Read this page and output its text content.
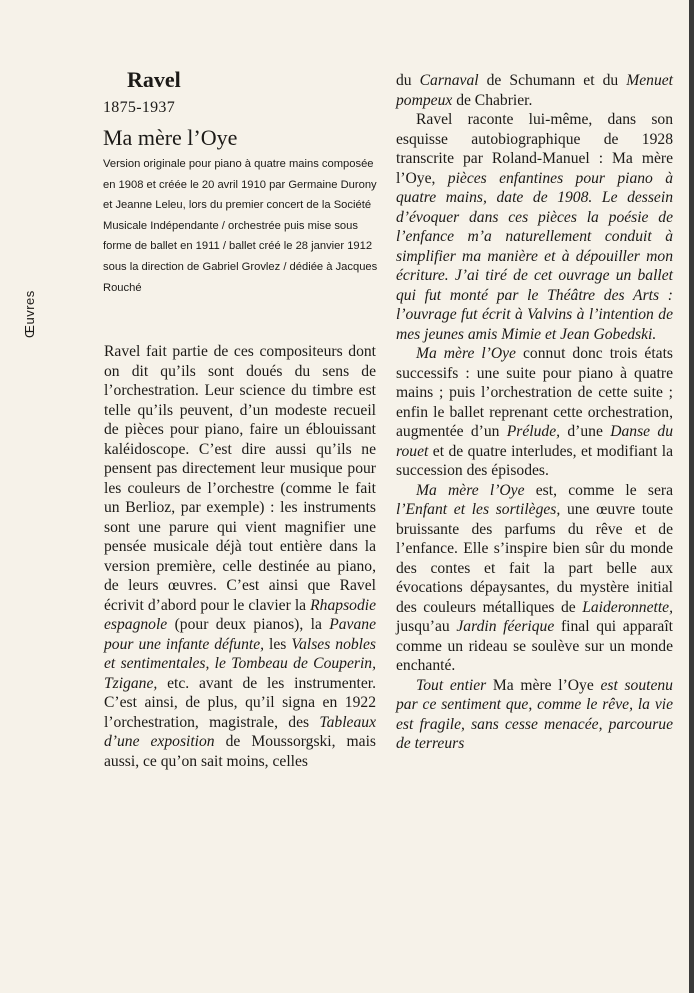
Œuvres
Ravel
1875-1937
Ma mère l’Oye
Version originale pour piano à quatre mains composée en 1908 et créée le 20 avril 1910 par Germaine Durony et Jeanne Leleu, lors du premier concert de la Société Musicale Indépendante / orchestrée puis mise sous forme de ballet en 1911 / ballet créé le 28 janvier 1912 sous la direction de Gabriel Grovlez / dédiée à Jacques Rouché

Ravel fait partie de ces compositeurs dont on dit qu’ils sont doués du sens de l’orchestration. Leur science du timbre est telle qu’ils peuvent, d’un modeste recueil de pièces pour piano, faire un éblouissant kaléidoscope. C’est dire aussi qu’ils ne pensent pas directement leur musique pour les couleurs de l’orchestre (comme le fait un Berlioz, par exemple) : les instruments sont une parure qui vient magnifier une pensée musicale déjà tout entière dans la version première, celle destinée au piano, de leurs œuvres. C’est ainsi que Ravel écrivit d’abord pour le clavier la Rhapsodie espagnole (pour deux pianos), la Pavane pour une infante défunte, les Valses nobles et sentimentales, le Tombeau de Couperin, Tzigane, etc. avant de les instrumenter. C’est ainsi, de plus, qu’il signa en 1922 l’orchestration, magistrale, des Tableaux d’une exposition de Moussorgski, mais aussi, ce qu’on sait moins, celles

du Carnaval de Schumann et du Menuet pompeux de Chabrier.

Ravel raconte lui-même, dans son esquisse autobiographique de 1928 transcrite par Roland-Manuel : Ma mère l’Oye, pièces enfantines pour piano à quatre mains, date de 1908. Le dessein d’évoquer dans ces pièces la poésie de l’enfance m’a naturellement conduit à simplifier ma manière et à dépouiller mon écriture. J’ai tiré de cet ouvrage un ballet qui fut monté par le Théâtre des Arts : l’ouvrage fut écrit à Valvins à l’intention de mes jeunes amis Mimie et Jean Gobedski.

Ma mère l’Oye connut donc trois états successifs : une suite pour piano à quatre mains ; puis l’orchestration de cette suite ; enfin le ballet reprenant cette orchestration, augmentée d’un Prélude, d’une Danse du rouet et de quatre interludes, et modifiant la succession des épisodes.

Ma mère l’Oye est, comme le sera l’Enfant et les sortilèges, une œuvre toute bruissante des parfums du rêve et de l’enfance. Elle s’inspire bien sûr du monde des contes et fait la part belle aux évocations dépaysantes, du mystère initial des couleurs métalliques de Laideronnette, jusqu’au Jardin féerique final qui apparaît comme un rideau se soulève sur un monde enchanté.

Tout entier Ma mère l’Oye est soutenu par ce sentiment que, comme le rêve, la vie est fragile, sans cesse menacée, parcourue de terreurs
